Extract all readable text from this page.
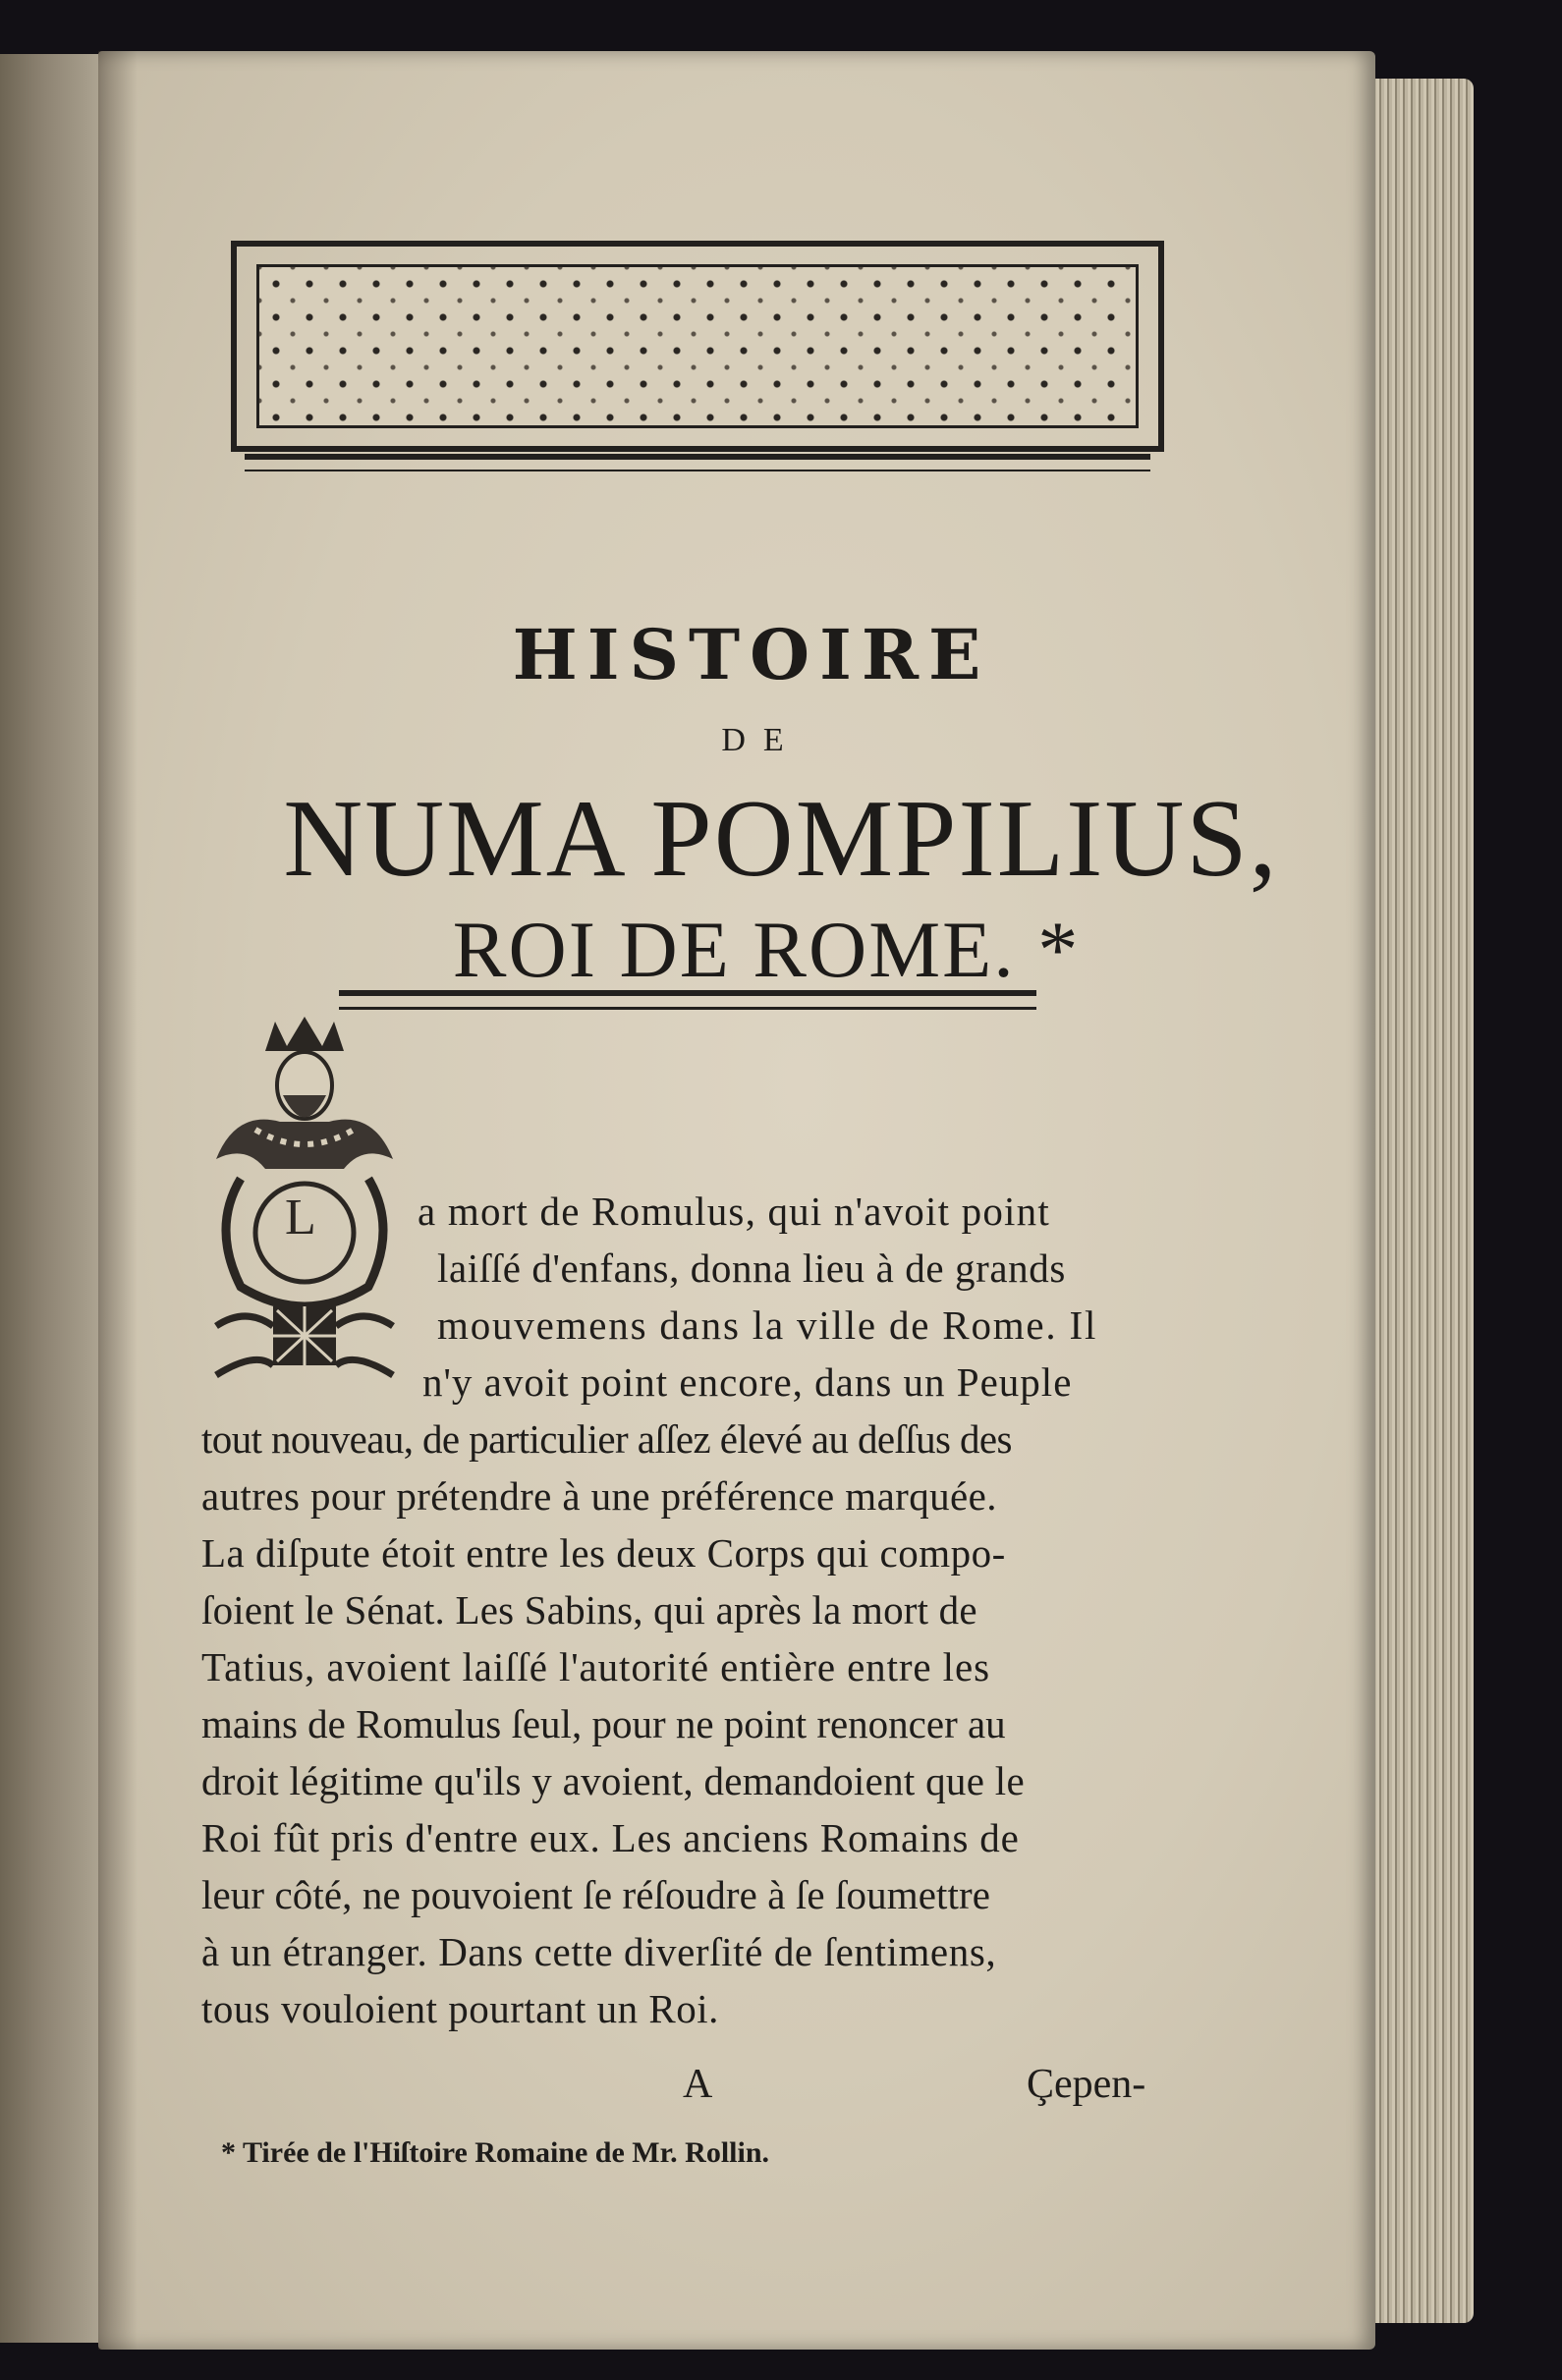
HISTOIRE
DE
NUMA POMPILIUS,
ROI DE ROME. *
L	a mort de Romulus, qui n'avoit point
laiſſé d'enfans, donna lieu à de grands
mouvemens dans la ville de Rome. Il
n'y avoit point encore, dans un Peuple
tout nouveau, de particulier aſſez élevé au deſſus des
autres pour prétendre à une préférence marquée.
La diſpute étoit entre les deux Corps qui compo-
ſoient le Sénat. Les Sabins, qui après la mort de
Tatius, avoient laiſſé l'autorité entière entre les
mains de Romulus ſeul, pour ne point renoncer au
droit légitime qu'ils y avoient, demandoient que le
Roi fût pris d'entre eux. Les anciens Romains de
leur côté, ne pouvoient ſe réſoudre à ſe ſoumettre
à un étranger. Dans cette diverſité de ſentimens,
tous vouloient pourtant un Roi.
A	Çepen-
* Tirée de l'Hiſtoire Romaine de Mr. Rollin.
